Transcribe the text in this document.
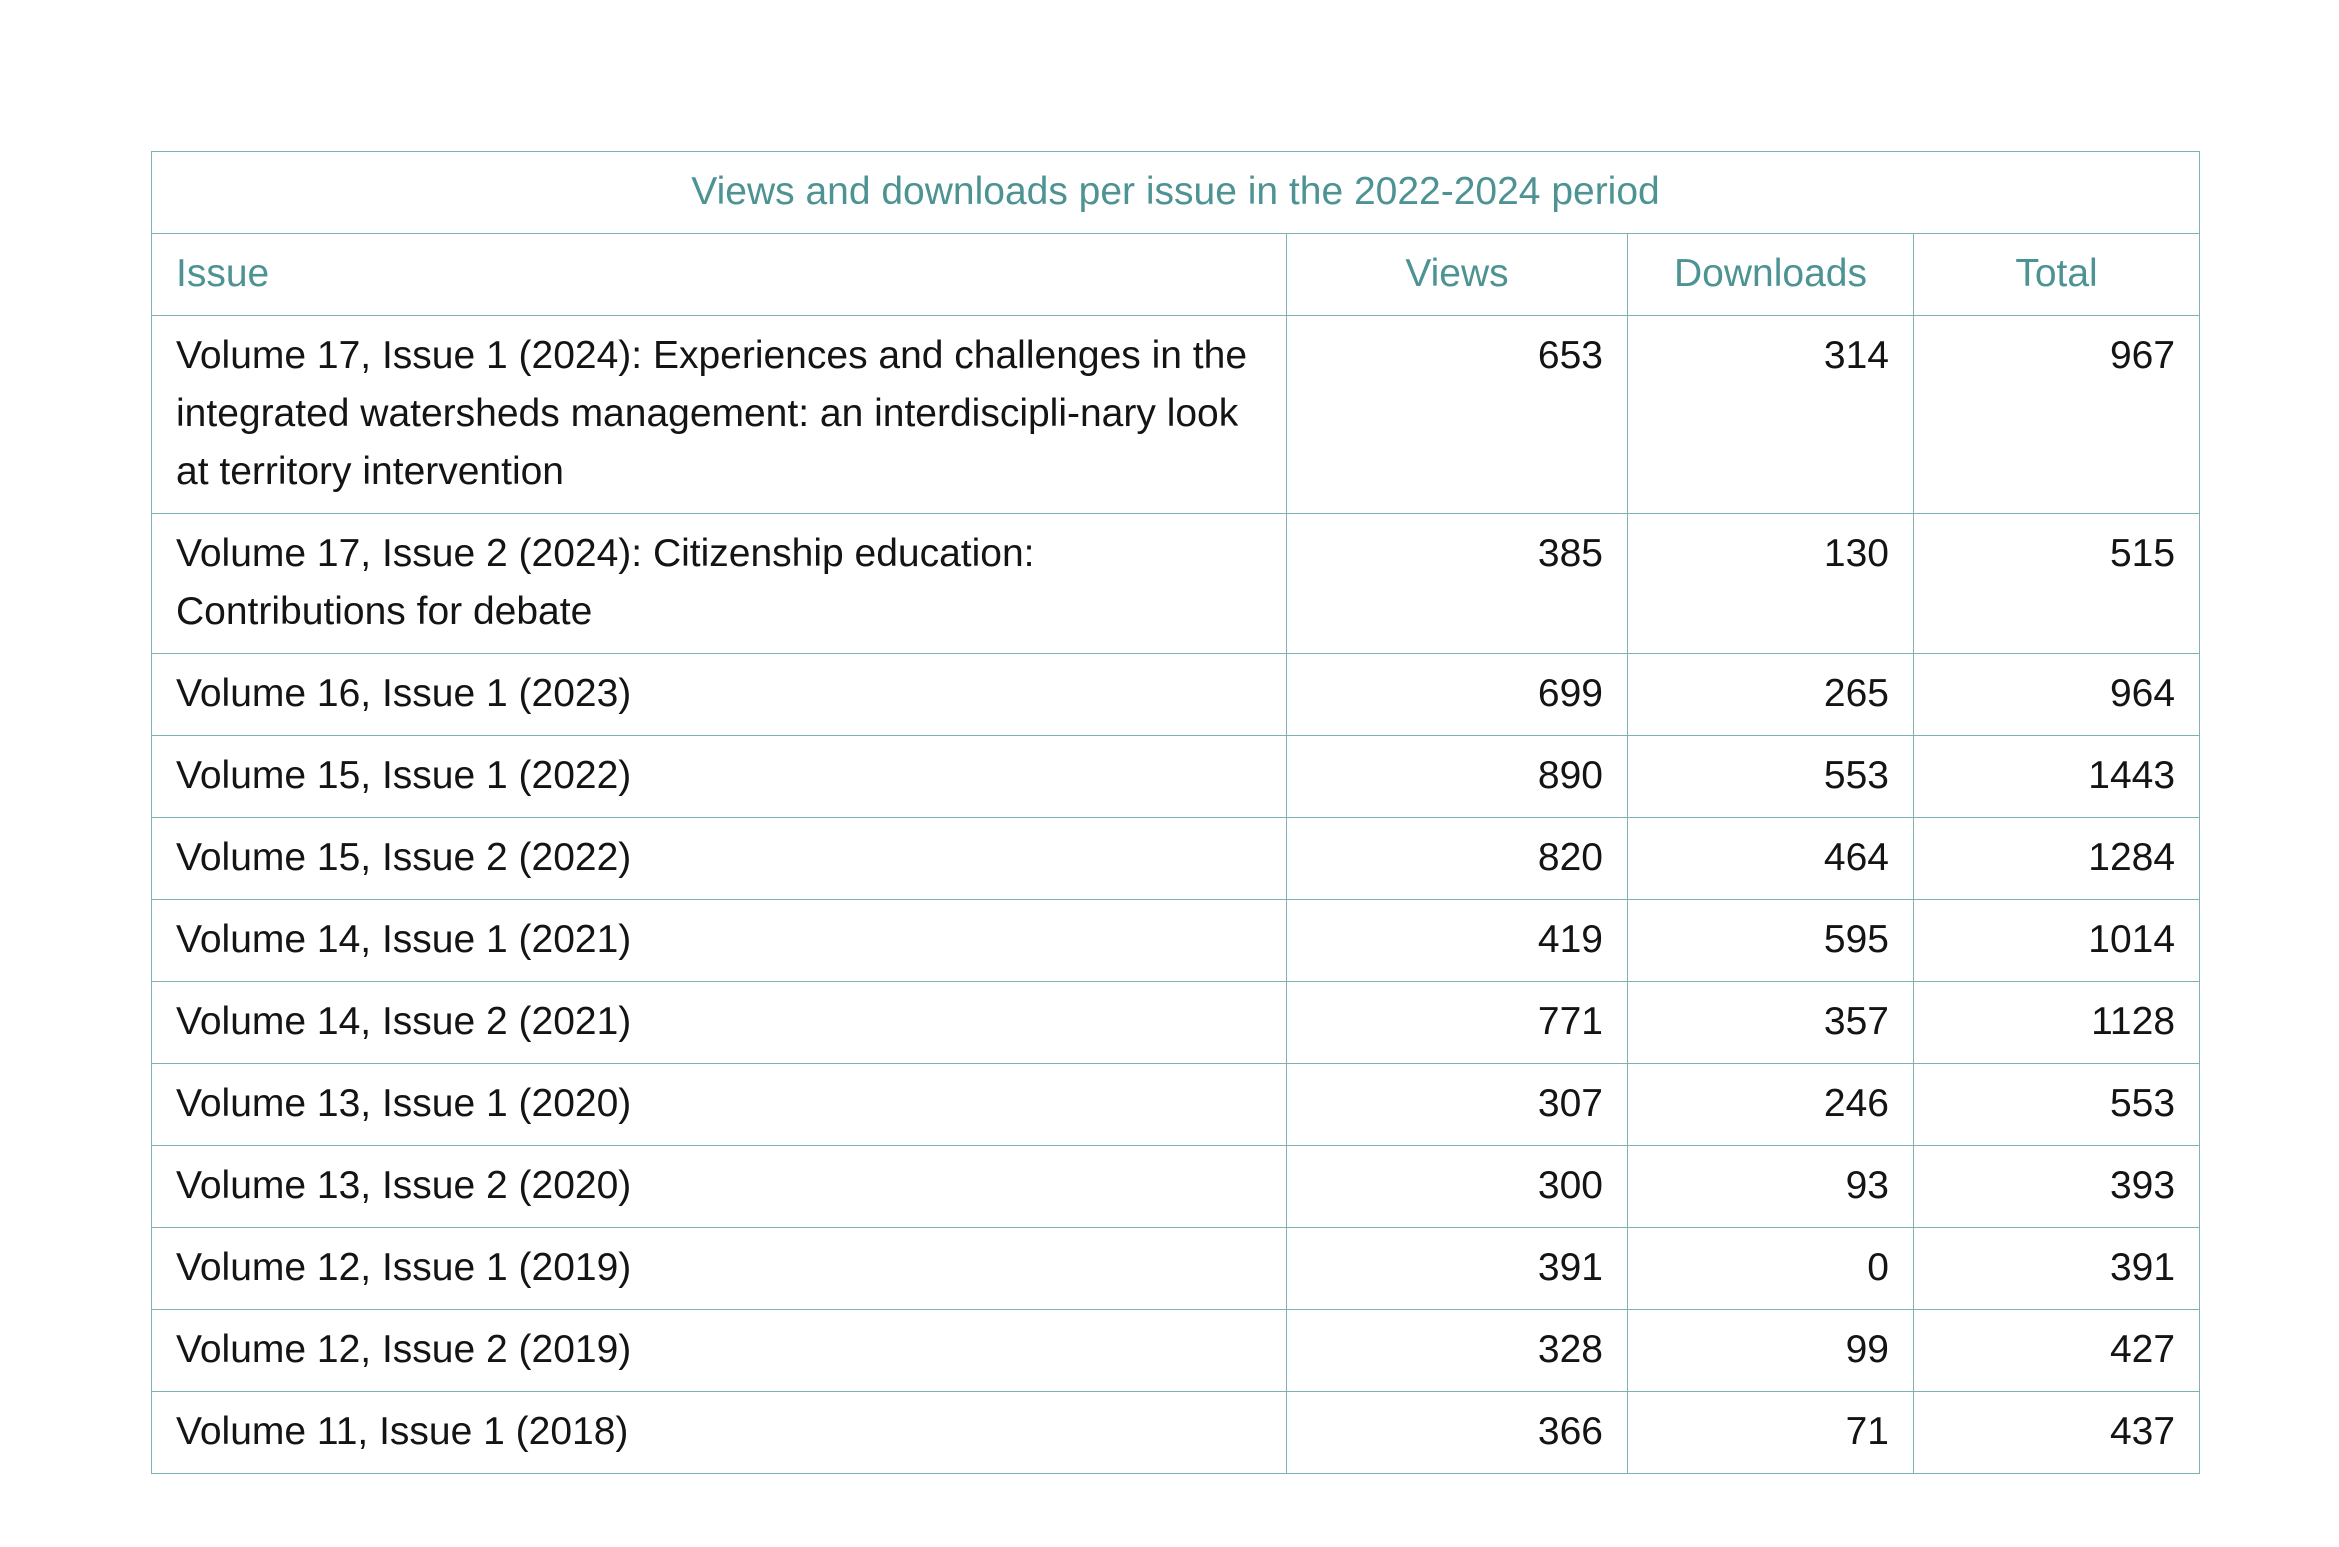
Views and downloads per issue in the 2022-2024 period			
Issue	Views	Downloads	Total
Volume 17, Issue 1 (2024): Experiences and challenges in the integrated watersheds management: an interdiscipli-nary look at territory intervention	653	314	967
Volume 17, Issue 2 (2024): Citizenship education: Contributions for debate	385	130	515
Volume 16, Issue 1 (2023)	699	265	964
Volume 15, Issue 1 (2022)	890	553	1443
Volume 15, Issue 2 (2022)	820	464	1284
Volume 14, Issue 1 (2021)	419	595	1014
Volume 14, Issue 2 (2021)	771	357	1128
Volume 13, Issue 1 (2020)	307	246	553
Volume 13, Issue 2 (2020)	300	93	393
Volume 12, Issue 1 (2019)	391	0	391
Volume 12, Issue 2 (2019)	328	99	427
Volume 11, Issue 1 (2018)	366	71	437
